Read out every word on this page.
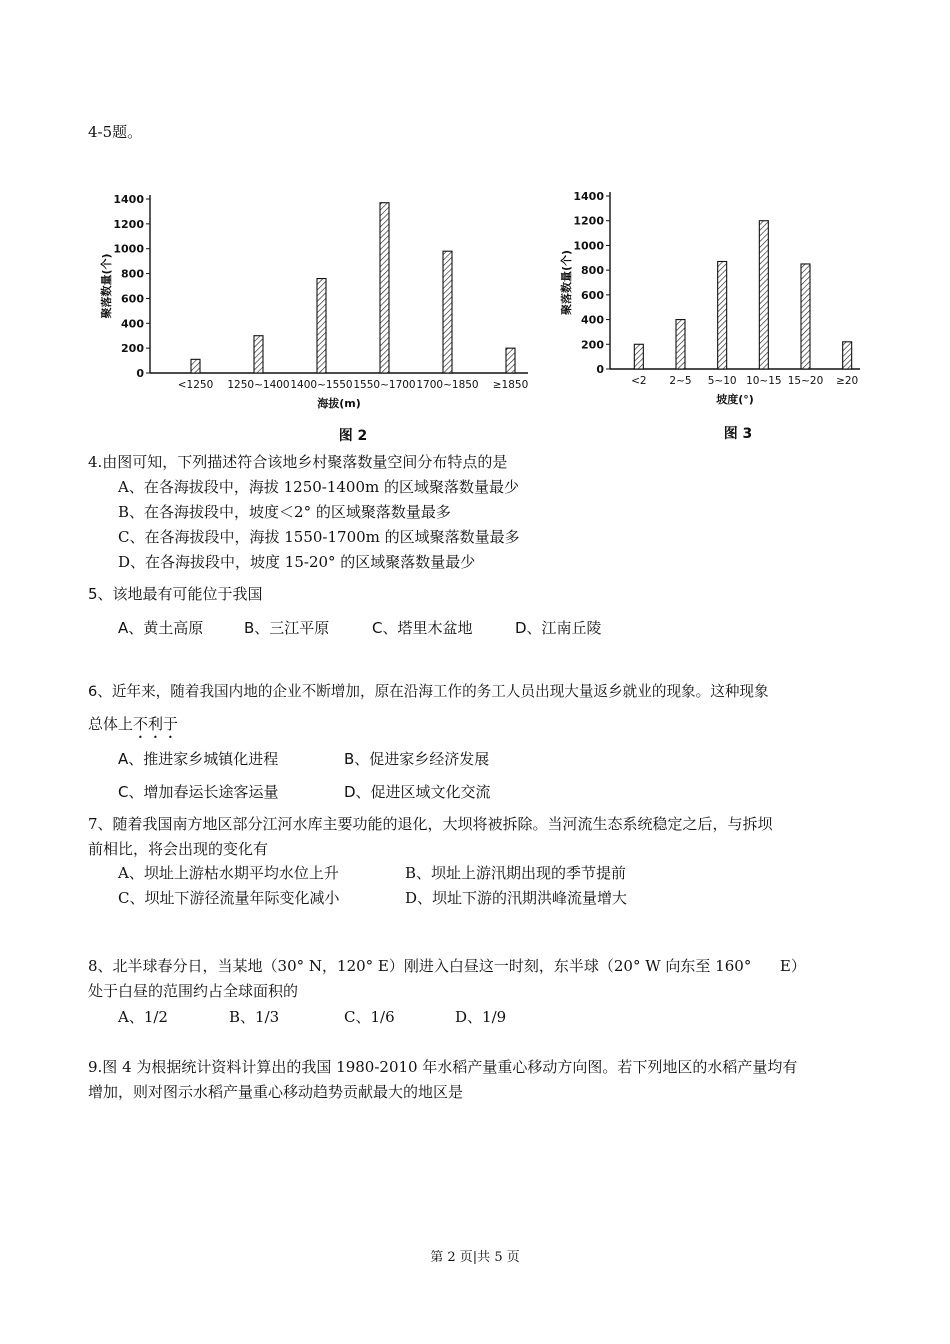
4-5题。
0
200
400
600
800
1000
1200
1400
<1250 1250~1400 1400~1550 1550~1700 1700~1850 ≥1850
海拔(m)
聚落数量(个)
图 2
0
200
400
600
800
1000
1200
1400
<2 2~5 5~10 10~15 15~20 ≥20
坡度(°)
聚落数量(个)
图 3
4.由图可知，下列描述符合该地乡村聚落数量空间分布特点的是
A、在各海拔段中，海拔 1250-1400m 的区域聚落数量最少
B、在各海拔段中，坡度＜2° 的区域聚落数量最多
C、在各海拔段中，海拔 1550-1700m 的区域聚落数量最多
D、在各海拔段中，坡度 15-20° 的区域聚落数量最少
5、该地最有可能位于我国
A、黄土高原	B、三江平原	C、塔里木盆地	D、江南丘陵
6、近年来，随着我国内地的企业不断增加，原在沿海工作的务工人员出现大量返乡就业的现象。这种现象
总体上不利于
A、推进家乡城镇化进程	B、促进家乡经济发展
C、增加春运长途客运量	D、促进区域文化交流
7、随着我国南方地区部分江河水库主要功能的退化，大坝将被拆除。当河流生态系统稳定之后，与拆坝
前相比，将会出现的变化有
A、坝址上游枯水期平均水位上升	B、坝址上游汛期出现的季节提前
C、坝址下游径流量年际变化减小	D、坝址下游的汛期洪峰流量增大
8、北半球春分日，当某地（30° N，120° E）刚进入白昼这一时刻，东半球（20° W 向东至 160°      E）
处于白昼的范围约占全球面积的
A、1/2	B、1/3	C、1/6	D、1/9
9.图 4 为根据统计资料计算出的我国 1980-2010 年水稻产量重心移动方向图。若下列地区的水稻产量均有
增加，则对图示水稻产量重心移动趋势贡献最大的地区是
第 2 页|共 5 页
